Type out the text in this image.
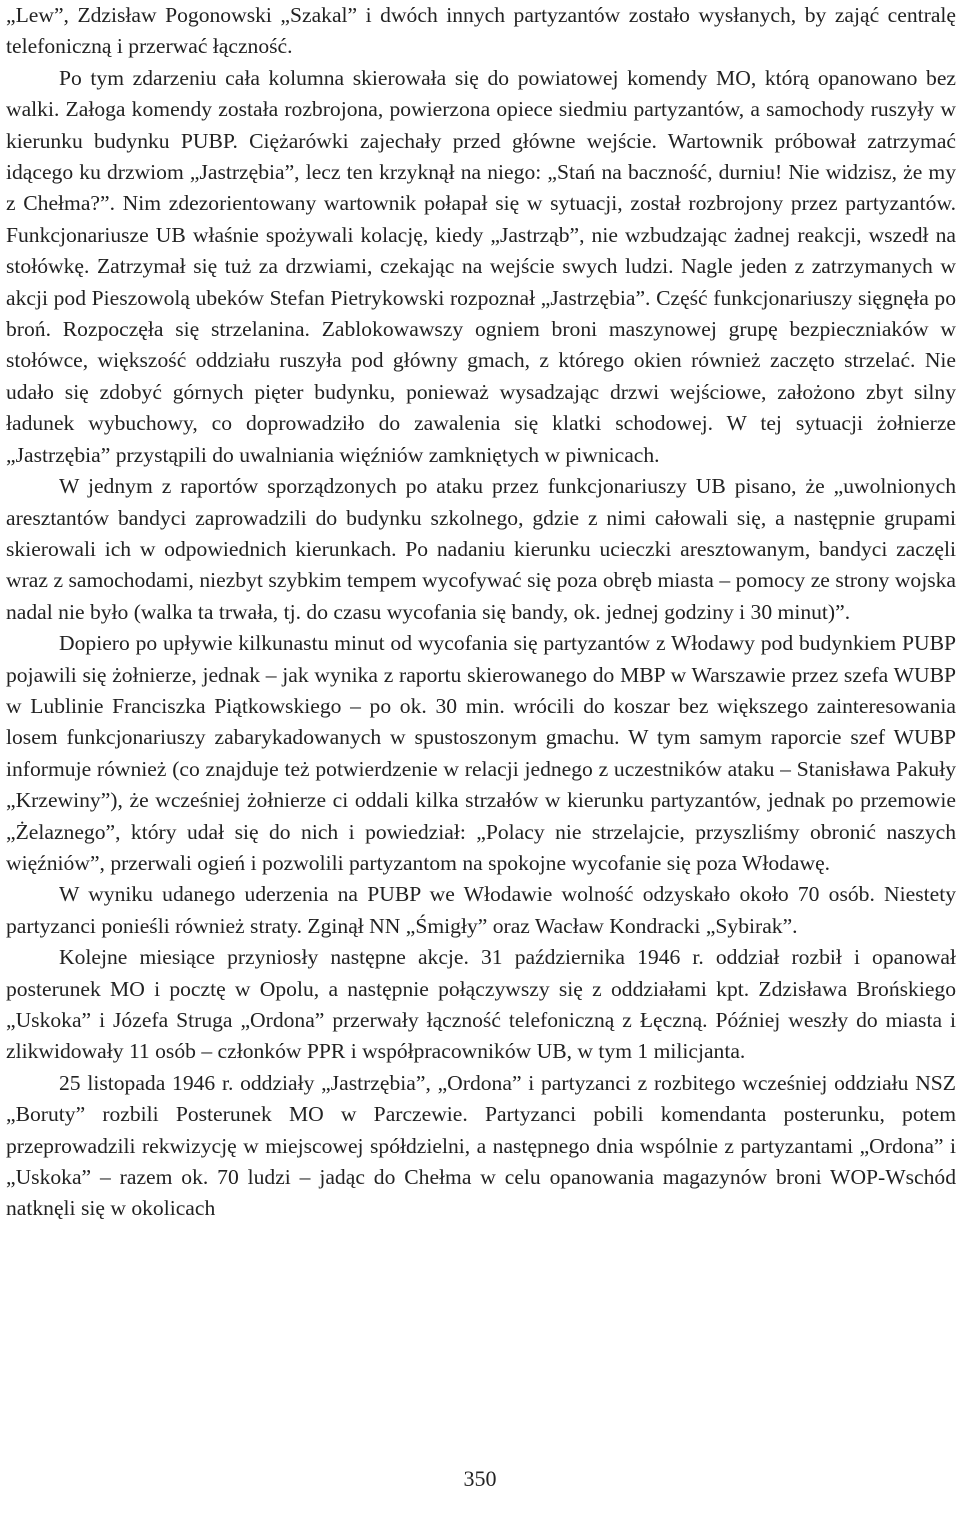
„Lew”, Zdzisław Pogonowski „Szakal” i dwóch innych partyzantów zostało wysłanych, by zająć centralę telefoniczną i przerwać łączność.

Po tym zdarzeniu cała kolumna skierowała się do powiatowej komendy MO, którą opanowano bez walki. Załoga komendy została rozbrojona, powierzona opiece siedmiu partyzantów, a samochody ruszyły w kierunku budynku PUBP. Ciężarówki zajechały przed główne wejście. Wartownik próbował zatrzymać idącego ku drzwiom „Jastrzębia”, lecz ten krzyknął na niego: „Stań na baczność, durniu! Nie widzisz, że my z Chełma?”. Nim zdezorientowany wartownik połapał się w sytuacji, został rozbrojony przez partyzantów. Funkcjonariusze UB właśnie spożywali kolację, kiedy „Jastrząb”, nie wzbudzając żadnej reakcji, wszedł na stołówkę. Zatrzymał się tuż za drzwiami, czekając na wejście swych ludzi. Nagle jeden z zatrzymanych w akcji pod Pieszowolą ubeków Stefan Pietrykowski rozpoznał „Jastrzębia”. Część funkcjonariuszy sięgnęła po broń. Rozpoczęła się strzelanina. Zablokowawszy ogniem broni maszynowej grupę bezpieczniaków w stołówce, większość oddziału ruszyła pod główny gmach, z którego okien również zaczęto strzelać. Nie udało się zdobyć górnych pięter budynku, ponieważ wysadzając drzwi wejściowe, założono zbyt silny ładunek wybuchowy, co doprowadziło do zawalenia się klatki schodowej. W tej sytuacji żołnierze „Jastrzębia” przystąpili do uwalniania więźniów zamkniętych w piwnicach.

W jednym z raportów sporządzonych po ataku przez funkcjonariuszy UB pisano, że „uwolnionych aresztantów bandyci zaprowadzili do budynku szkolnego, gdzie z nimi całowali się, a następnie grupami skierowali ich w odpowiednich kierunkach. Po nadaniu kierunku ucieczki aresztowanym, bandyci zaczęli wraz z samochodami, niezbyt szybkim tempem wycofywać się poza obręb miasta – pomocy ze strony wojska nadal nie było (walka ta trwała, tj. do czasu wycofania się bandy, ok. jednej godziny i 30 minut)”.

Dopiero po upływie kilkunastu minut od wycofania się partyzantów z Włodawy pod budynkiem PUBP pojawili się żołnierze, jednak – jak wynika z raportu skierowanego do MBP w Warszawie przez szefa WUBP w Lublinie Franciszka Piątkowskiego – po ok. 30 min. wrócili do koszar bez większego zainteresowania losem funkcjonariuszy zabarykadowanych w spustoszonym gmachu. W tym samym raporcie szef WUBP informuje również (co znajduje też potwierdzenie w relacji jednego z uczestników ataku – Stanisława Pakuły „Krzewiny”), że wcześniej żołnierze ci oddali kilka strzałów w kierunku partyzantów, jednak po przemowie „Żelaznego”, który udał się do nich i powiedział: „Polacy nie strzelajcie, przyszliśmy obronić naszych więźniów”, przerwali ogień i pozwolili partyzantom na spokojne wycofanie się poza Włodawę.

W wyniku udanego uderzenia na PUBP we Włodawie wolność odzyskało około 70 osób. Niestety partyzanci ponieśli również straty. Zginął NN „Śmigły” oraz Wacław Kondracki „Sybirak”.

Kolejne miesiące przyniosły następne akcje. 31 października 1946 r. oddział rozbił i opanował posterunek MO i pocztę w Opolu, a następnie połączywszy się z oddziałami kpt. Zdzisława Brońskiego „Uskoka” i Józefa Struga „Ordona” przerwały łączność telefoniczną z Łęczną. Później weszły do miasta i zlikwidowały 11 osób – członków PPR i współpracowników UB, w tym 1 milicjanta.

25 listopada 1946 r. oddziały „Jastrzębia”, „Ordona” i partyzanci z rozbitego wcześniej oddziału NSZ „Boruty” rozbili Posterunek MO w Parczewie. Partyzanci pobili komendanta posterunku, potem przeprowadzili rekwizycję w miejscowej spółdzielni, a następnego dnia wspólnie z partyzantami „Ordona” i „Uskoka” – razem ok. 70 ludzi – jadąc do Chełma w celu opanowania magazynów broni WOP-Wschód natknęli się w okolicach

350
